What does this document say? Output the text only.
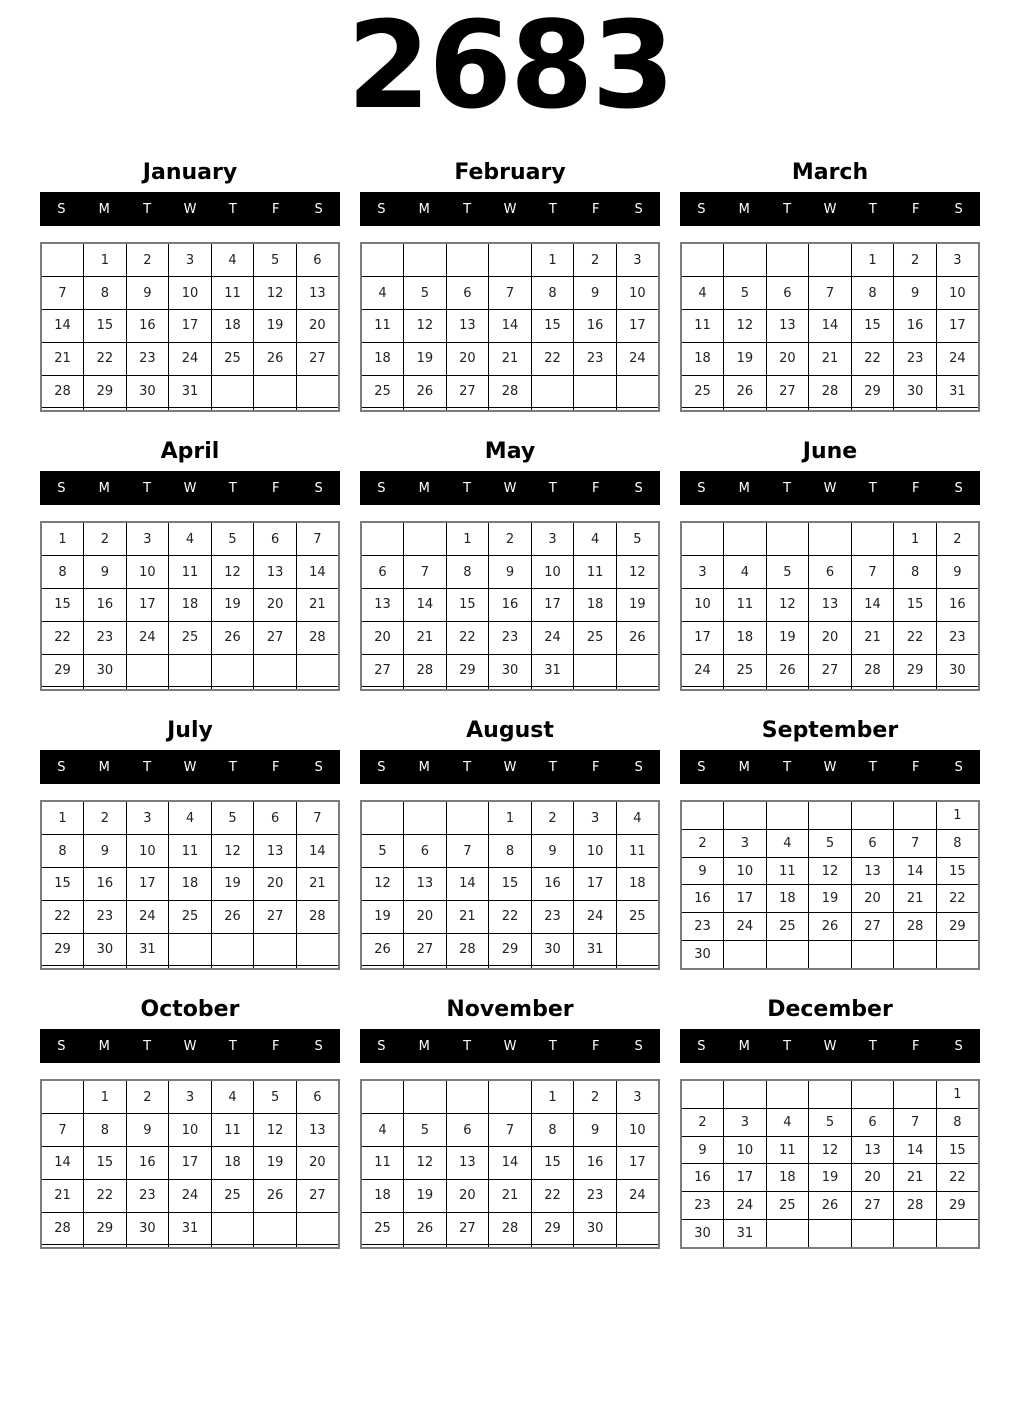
2683
January
S	M	T	W	T	F	S
	1	2	3	4	5	6
7	8	9	10	11	12	13
14	15	16	17	18	19	20
21	22	23	24	25	26	27
28	29	30	31			

February
S	M	T	W	T	F	S
				1	2	3
4	5	6	7	8	9	10
11	12	13	14	15	16	17
18	19	20	21	22	23	24
25	26	27	28			

March
S	M	T	W	T	F	S
				1	2	3
4	5	6	7	8	9	10
11	12	13	14	15	16	17
18	19	20	21	22	23	24
25	26	27	28	29	30	31

April
S	M	T	W	T	F	S
1	2	3	4	5	6	7
8	9	10	11	12	13	14
15	16	17	18	19	20	21
22	23	24	25	26	27	28
29	30					

May
S	M	T	W	T	F	S
		1	2	3	4	5
6	7	8	9	10	11	12
13	14	15	16	17	18	19
20	21	22	23	24	25	26
27	28	29	30	31		

June
S	M	T	W	T	F	S
					1	2
3	4	5	6	7	8	9
10	11	12	13	14	15	16
17	18	19	20	21	22	23
24	25	26	27	28	29	30

July
S	M	T	W	T	F	S
1	2	3	4	5	6	7
8	9	10	11	12	13	14
15	16	17	18	19	20	21
22	23	24	25	26	27	28
29	30	31				

August
S	M	T	W	T	F	S
			1	2	3	4
5	6	7	8	9	10	11
12	13	14	15	16	17	18
19	20	21	22	23	24	25
26	27	28	29	30	31	

September
S	M	T	W	T	F	S
						1
2	3	4	5	6	7	8
9	10	11	12	13	14	15
16	17	18	19	20	21	22
23	24	25	26	27	28	29
30						
October
S	M	T	W	T	F	S
	1	2	3	4	5	6
7	8	9	10	11	12	13
14	15	16	17	18	19	20
21	22	23	24	25	26	27
28	29	30	31			

November
S	M	T	W	T	F	S
				1	2	3
4	5	6	7	8	9	10
11	12	13	14	15	16	17
18	19	20	21	22	23	24
25	26	27	28	29	30	

December
S	M	T	W	T	F	S
						1
2	3	4	5	6	7	8
9	10	11	12	13	14	15
16	17	18	19	20	21	22
23	24	25	26	27	28	29
30	31					
